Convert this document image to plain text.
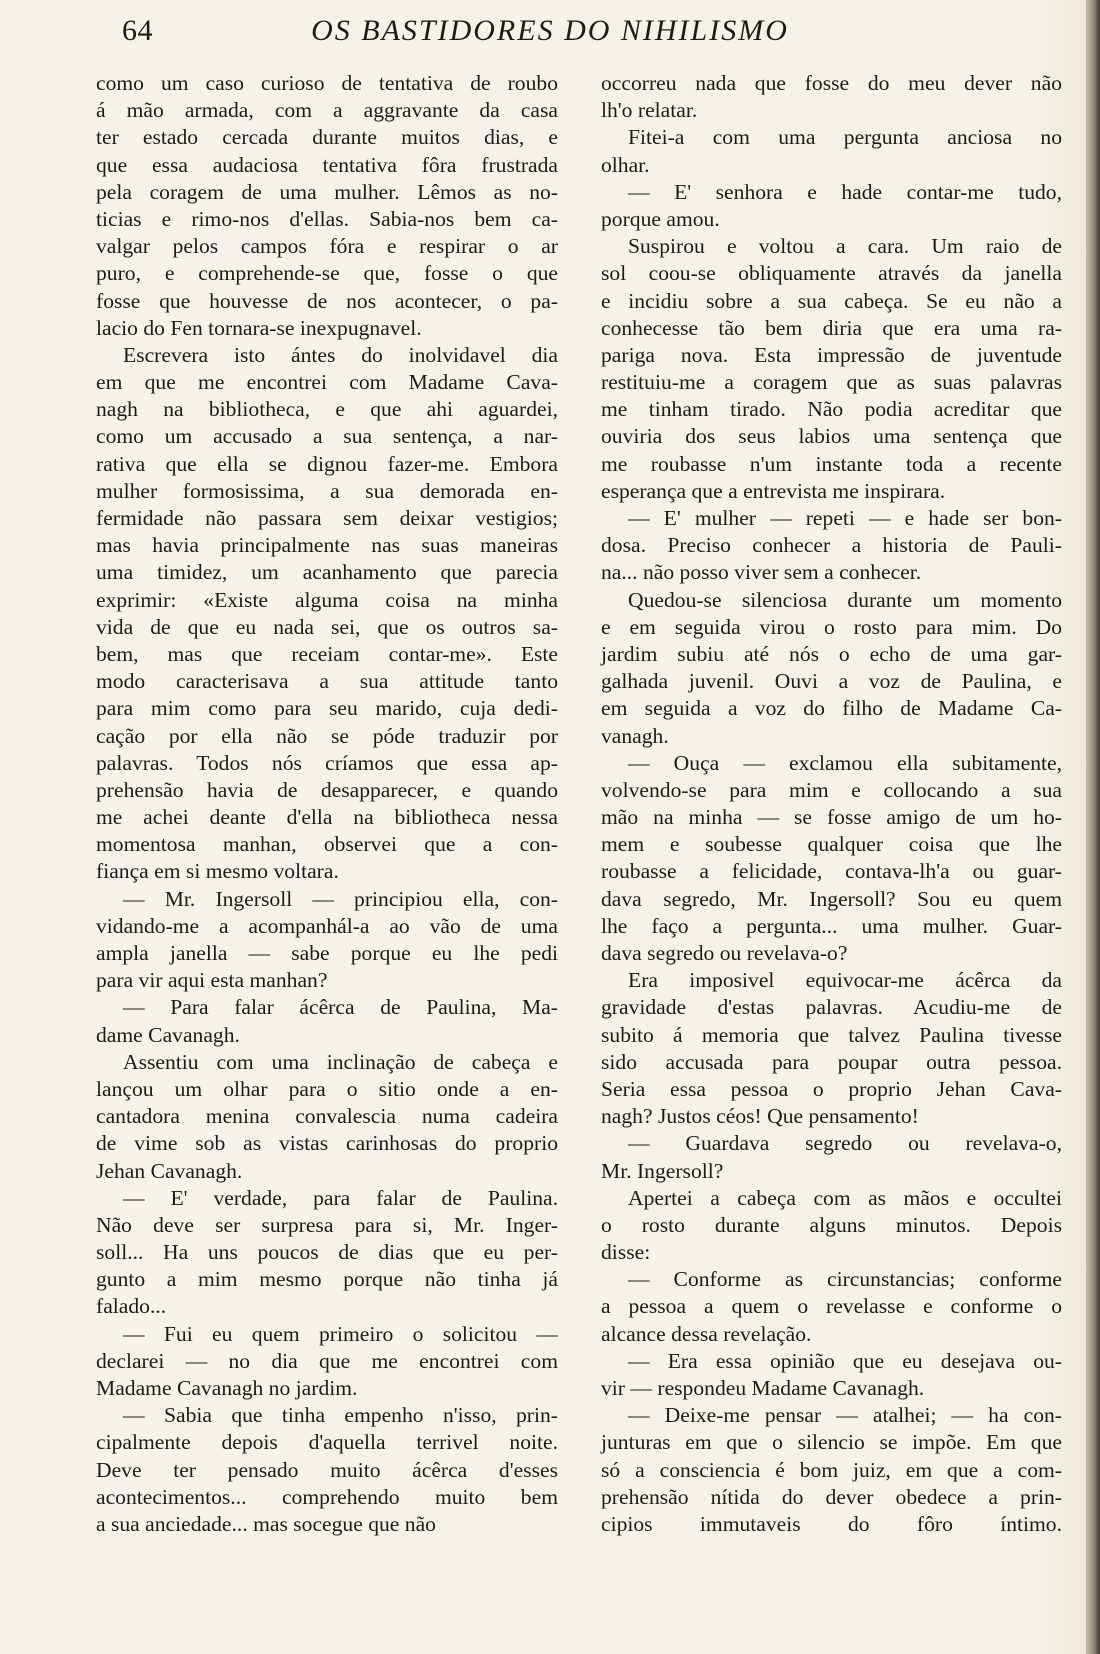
64	OS BASTIDORES DO NIHILISMO
como um caso curioso de tentativa de roubo
á mão armada, com a aggravante da casa
ter estado cercada durante muitos dias, e
que essa audaciosa tentativa fôra frustrada
pela coragem de uma mulher. Lêmos as no-
ticias e rimo-nos d'ellas. Sabia-nos bem ca-
valgar pelos campos fóra e respirar o ar
puro, e comprehende-se que, fosse o que
fosse que houvesse de nos acontecer, o pa-
lacio do Fen tornara-se inexpugnavel.
Escrevera isto ántes do inolvidavel dia
em que me encontrei com Madame Cava-
nagh na bibliotheca, e que ahi aguardei,
como um accusado a sua sentença, a nar-
rativa que ella se dignou fazer-me. Embora
mulher formosissima, a sua demorada en-
fermidade não passara sem deixar vestigios;
mas havia principalmente nas suas maneiras
uma timidez, um acanhamento que parecia
exprimir: «Existe alguma coisa na minha
vida de que eu nada sei, que os outros sa-
bem, mas que receiam contar-me». Este
modo caracterisava a sua attitude tanto
para mim como para seu marido, cuja dedi-
cação por ella não se póde traduzir por
palavras. Todos nós críamos que essa ap-
prehensão havia de desapparecer, e quando
me achei deante d'ella na bibliotheca nessa
momentosa manhan, observei que a con-
fiança em si mesmo voltara.
— Mr. Ingersoll — principiou ella, con-
vidando-me a acompanhál-a ao vão de uma
ampla janella — sabe porque eu lhe pedi
para vir aqui esta manhan?
— Para falar ácêrca de Paulina, Ma-
dame Cavanagh.
Assentiu com uma inclinação de cabeça e
lançou um olhar para o sitio onde a en-
cantadora menina convalescia numa cadeira
de vime sob as vistas carinhosas do proprio
Jehan Cavanagh.
— E' verdade, para falar de Paulina.
Não deve ser surpresa para si, Mr. Inger-
soll... Ha uns poucos de dias que eu per-
gunto a mim mesmo porque não tinha já
falado...
— Fui eu quem primeiro o solicitou —
declarei — no dia que me encontrei com
Madame Cavanagh no jardim.
— Sabia que tinha empenho n'isso, prin-
cipalmente depois d'aquella terrivel noite.
Deve ter pensado muito ácêrca d'esses
acontecimentos... comprehendo muito bem
a sua anciedade... mas socegue que não
occorreu nada que fosse do meu dever não
lh'o relatar.
Fitei-a com uma pergunta anciosa no
olhar.
— E' senhora e hade contar-me tudo,
porque amou.
Suspirou e voltou a cara. Um raio de
sol coou-se obliquamente através da janella
e incidiu sobre a sua cabeça. Se eu não a
conhecesse tão bem diria que era uma ra-
pariga nova. Esta impressão de juventude
restituiu-me a coragem que as suas palavras
me tinham tirado. Não podia acreditar que
ouviria dos seus labios uma sentença que
me roubasse n'um instante toda a recente
esperança que a entrevista me inspirara.
— E' mulher — repeti — e hade ser bon-
dosa. Preciso conhecer a historia de Pauli-
na... não posso viver sem a conhecer.
Quedou-se silenciosa durante um momento
e em seguida virou o rosto para mim. Do
jardim subiu até nós o echo de uma gar-
galhada juvenil. Ouvi a voz de Paulina, e
em seguida a voz do filho de Madame Ca-
vanagh.
— Ouça — exclamou ella subitamente,
volvendo-se para mim e collocando a sua
mão na minha — se fosse amigo de um ho-
mem e soubesse qualquer coisa que lhe
roubasse a felicidade, contava-lh'a ou guar-
dava segredo, Mr. Ingersoll? Sou eu quem
lhe faço a pergunta... uma mulher. Guar-
dava segredo ou revelava-o?
Era imposivel equivocar-me ácêrca da
gravidade d'estas palavras. Acudiu-me de
subito á memoria que talvez Paulina tivesse
sido accusada para poupar outra pessoa.
Seria essa pessoa o proprio Jehan Cava-
nagh? Justos céos! Que pensamento!
— Guardava segredo ou revelava-o,
Mr. Ingersoll?
Apertei a cabeça com as mãos e occultei
o rosto durante alguns minutos. Depois
disse:
— Conforme as circunstancias; conforme
a pessoa a quem o revelasse e conforme o
alcance dessa revelação.
— Era essa opinião que eu desejava ou-
vir — respondeu Madame Cavanagh.
— Deixe-me pensar — atalhei; — ha con-
junturas em que o silencio se impõe. Em que
só a consciencia é bom juiz, em que a com-
prehensão nítida do dever obedece a prin-
cipios immutaveis do fôro íntimo.
